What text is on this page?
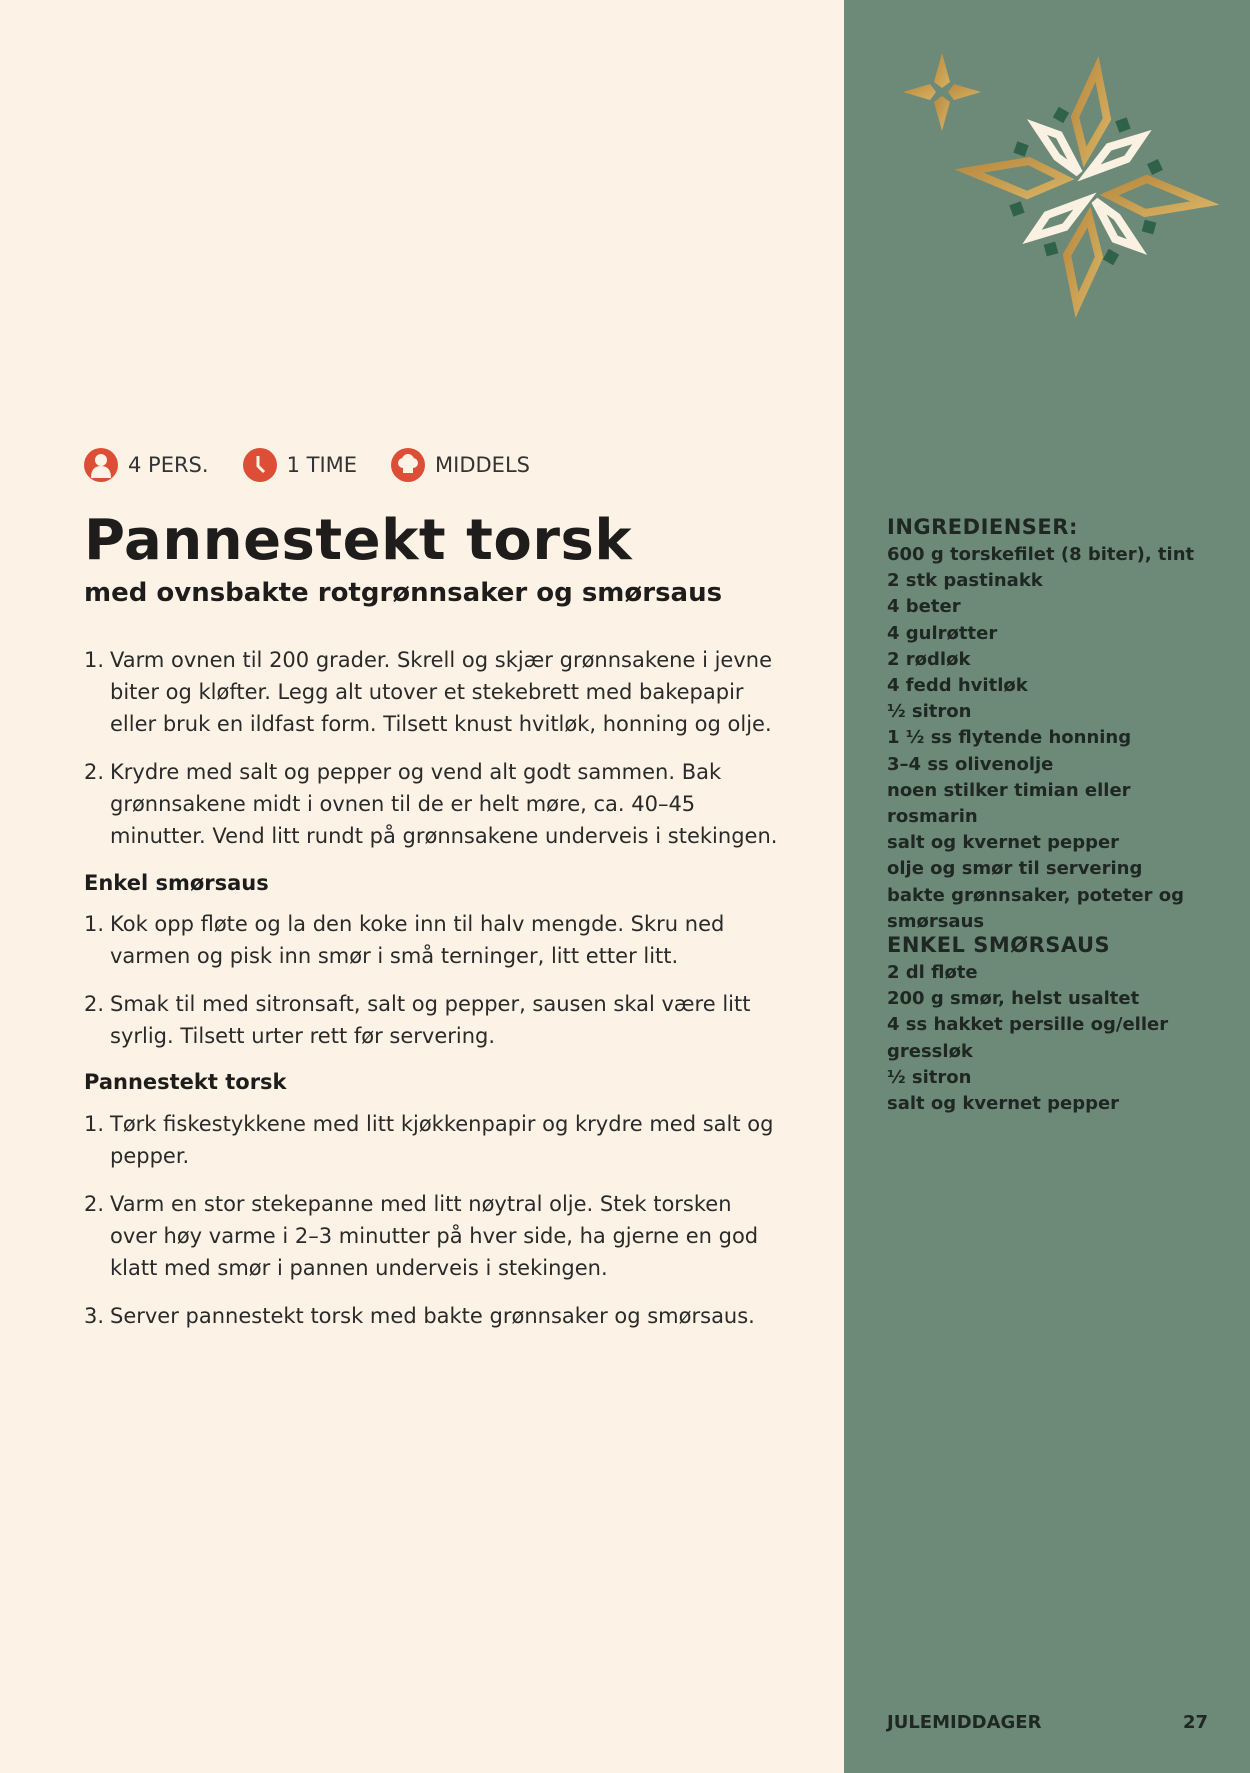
4 PERS.	1 TIME	MIDDELS
Pannestekt torsk
med ovnsbakte rotgrønnsaker og smørsaus
1. Varm ovnen til 200 grader. Skrell og skjær grønnsakene i jevne biter og kløfter. Legg alt utover et stekebrett med bakepapir eller bruk en ildfast form. Tilsett knust hvitløk, honning og olje.
2. Krydre med salt og pepper og vend alt godt sammen. Bak grønnsakene midt i ovnen til de er helt møre, ca. 40–45 minutter. Vend litt rundt på grønnsakene underveis i stekingen.
Enkel smørsaus
1. Kok opp fløte og la den koke inn til halv mengde. Skru ned varmen og pisk inn smør i små terninger, litt etter litt.
2. Smak til med sitronsaft, salt og pepper, sausen skal være litt syrlig. Tilsett urter rett før servering.
Pannestekt torsk
1. Tørk fiskestykkene med litt kjøkkenpapir og krydre med salt og pepper.
2. Varm en stor stekepanne med litt nøytral olje. Stek torsken over høy varme i 2–3 minutter på hver side, ha gjerne en god klatt med smør i pannen underveis i stekingen.
3. Server pannestekt torsk med bakte grønnsaker og smørsaus.
INGREDIENSER:
600 g torskefilet (8 biter), tint
2 stk pastinakk
4 beter
4 gulrøtter
2 rødløk
4 fedd hvitløk
½ sitron
1 ½ ss flytende honning
3–4 ss olivenolje
noen stilker timian eller rosmarin
salt og kvernet pepper
olje og smør til servering
bakte grønnsaker, poteter og smørsaus
ENKEL SMØRSAUS
2 dl fløte
200 g smør, helst usaltet
4 ss hakket persille og/eller gressløk
½ sitron
salt og kvernet pepper
JULEMIDDAGER	27
